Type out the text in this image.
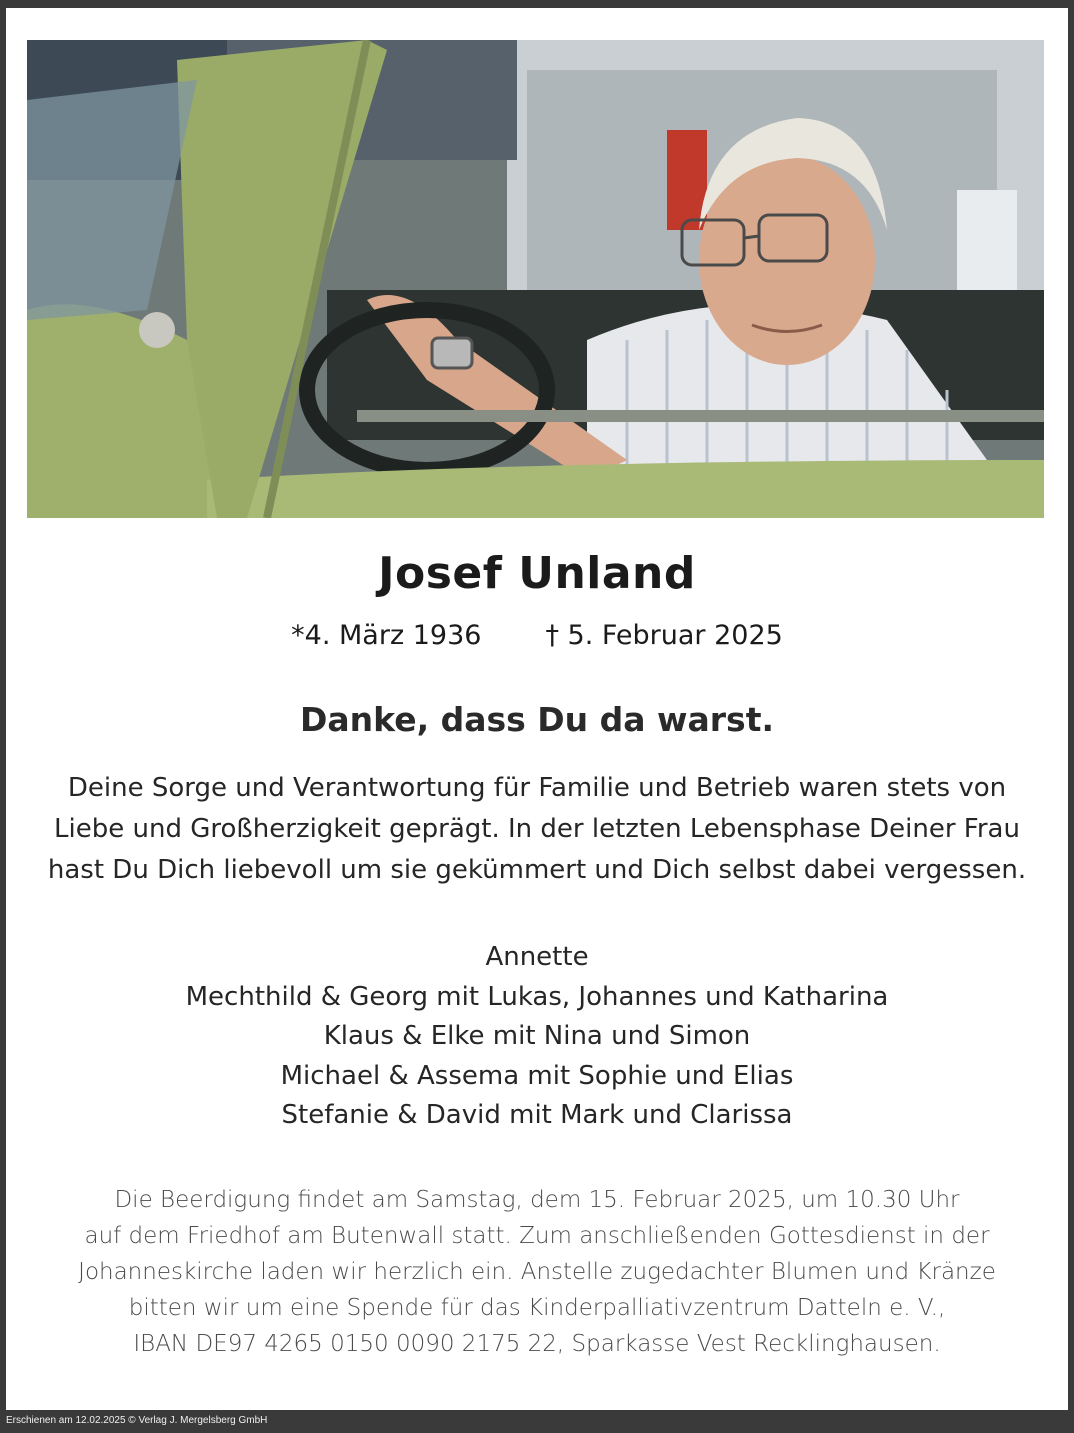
Josef Unland
*4. März 1936 † 5. Februar 2025
Danke, dass Du da warst.
Deine Sorge und Verantwortung für Familie und Betrieb waren stets von
Liebe und Großherzigkeit geprägt. In der letzten Lebensphase Deiner Frau
hast Du Dich liebevoll um sie gekümmert und Dich selbst dabei vergessen.
Annette
Mechthild & Georg mit Lukas, Johannes und Katharina
Klaus & Elke mit Nina und Simon
Michael & Assema mit Sophie und Elias
Stefanie & David mit Mark und Clarissa
Die Beerdigung findet am Samstag, dem 15. Februar 2025, um 10.30 Uhr
auf dem Friedhof am Butenwall statt. Zum anschließenden Gottesdienst in der
Johanneskirche laden wir herzlich ein. Anstelle zugedachter Blumen und Kränze
bitten wir um eine Spende für das Kinderpalliativzentrum Datteln e. V.,
IBAN DE97 4265 0150 0090 2175 22, Sparkasse Vest Recklinghausen.
Erschienen am 12.02.2025 © Verlag J. Mergelsberg GmbH
